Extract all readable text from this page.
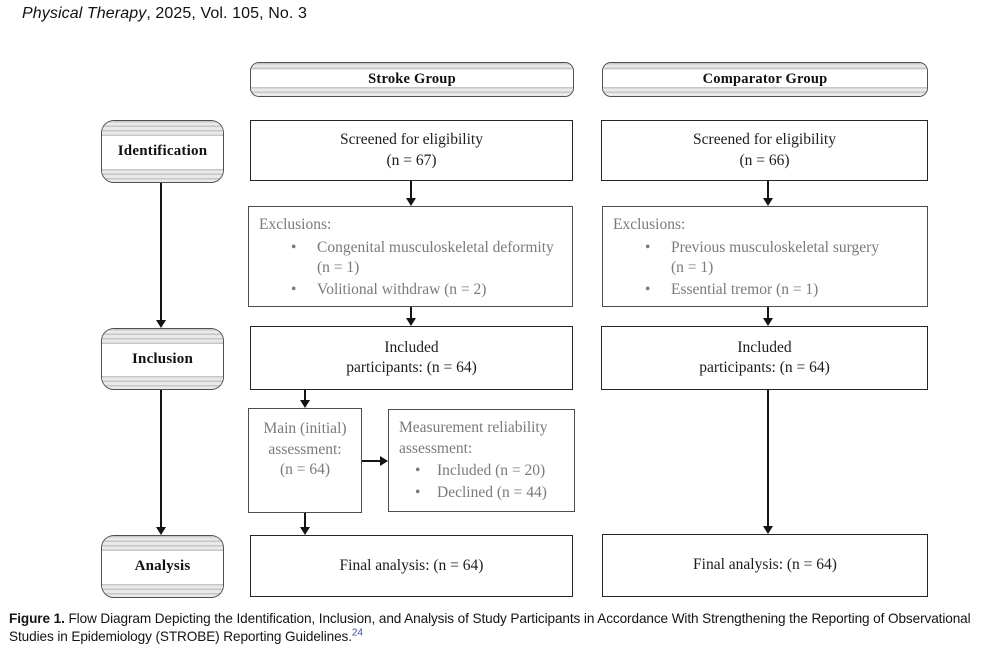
Physical Therapy, 2025, Vol. 105, No. 3
Stroke Group	Comparator Group
Identification
Inclusion
Analysis
Screened for eligibility
(n = 67)
Exclusions:
•
Congenital musculoskeletal deformity
(n = 1)
•
Volitional withdraw (n = 2)
Included
participants: (n = 64)
Main (initial)
assessment:
(n = 64)
Measurement reliability
assessment:
•
Included (n = 20)
•
Declined (n = 44)
Final analysis: (n = 64)
Screened for eligibility
(n = 66)
Exclusions:
•
Previous musculoskeletal surgery
(n = 1)
•
Essential tremor (n = 1)
Included
participants: (n = 64)
Final analysis: (n = 64)
Figure 1. Flow Diagram Depicting the Identification, Inclusion, and Analysis of Study Participants in Accordance With Strengthening the Reporting of Observational Studies in Epidemiology (STROBE) Reporting Guidelines.$^{24}$
